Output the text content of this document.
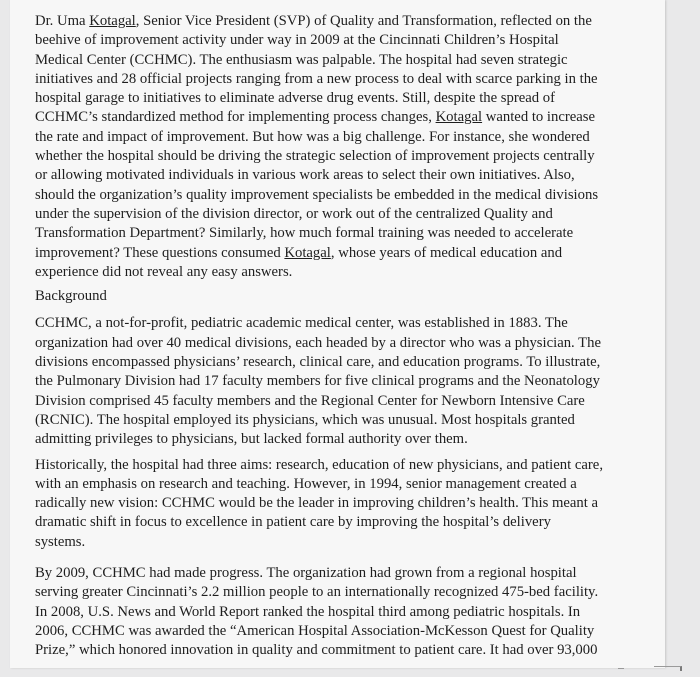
Dr. Uma Kotagal, Senior Vice President (SVP) of Quality and Transformation, reflected on the
beehive of improvement activity under way in 2009 at the Cincinnati Children’s Hospital
Medical Center (CCHMC). The enthusiasm was palpable. The hospital had seven strategic
initiatives and 28 official projects ranging from a new process to deal with scarce parking in the
hospital garage to initiatives to eliminate adverse drug events. Still, despite the spread of
CCHMC’s standardized method for implementing process changes, Kotagal wanted to increase
the rate and impact of improvement. But how was a big challenge. For instance, she wondered
whether the hospital should be driving the strategic selection of improvement projects centrally
or allowing motivated individuals in various work areas to select their own initiatives. Also,
should the organization’s quality improvement specialists be embedded in the medical divisions
under the supervision of the division director, or work out of the centralized Quality and
Transformation Department? Similarly, how much formal training was needed to accelerate
improvement? These questions consumed Kotagal, whose years of medical education and
experience did not reveal any easy answers.

Background

CCHMC, a not-for-profit, pediatric academic medical center, was established in 1883. The
organization had over 40 medical divisions, each headed by a director who was a physician. The
divisions encompassed physicians’ research, clinical care, and education programs. To illustrate,
the Pulmonary Division had 17 faculty members for five clinical programs and the Neonatology
Division comprised 45 faculty members and the Regional Center for Newborn Intensive Care
(RCNIC). The hospital employed its physicians, which was unusual. Most hospitals granted
admitting privileges to physicians, but lacked formal authority over them.

Historically, the hospital had three aims: research, education of new physicians, and patient care,
with an emphasis on research and teaching. However, in 1994, senior management created a
radically new vision: CCHMC would be the leader in improving children’s health. This meant a
dramatic shift in focus to excellence in patient care by improving the hospital’s delivery
systems.

By 2009, CCHMC had made progress. The organization had grown from a regional hospital
serving greater Cincinnati’s 2.2 million people to an internationally recognized 475-bed facility.
In 2008, U.S. News and World Report ranked the hospital third among pediatric hospitals. In
2006, CCHMC was awarded the “American Hospital Association-McKesson Quest for Quality
Prize,” which honored innovation in quality and commitment to patient care. It had over 93,000
